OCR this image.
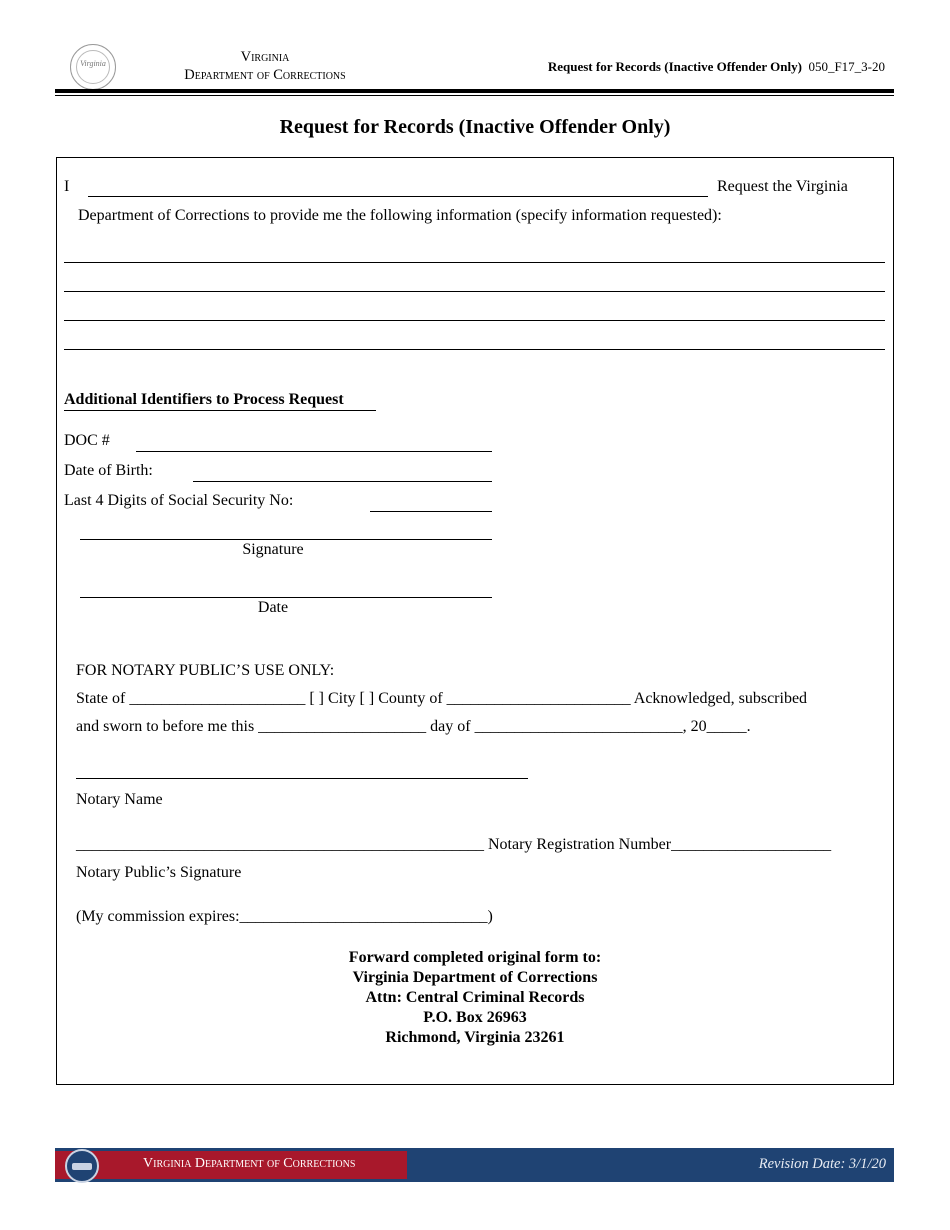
Virginia	Virginia
Department of Corrections
Request for Records (Inactive Offender Only) 050_F17_3-20
Request for Records (Inactive Offender Only)
I	Request the Virginia
Department of Corrections to provide me the following information (specify information requested):
Additional Identifiers to Process Request
DOC #
Date of Birth:
Last 4 Digits of Social Security No:
Signature
Date
FOR NOTARY PUBLIC’S USE ONLY:
State of ______________________ [ ] City [ ] County of _______________________ Acknowledged, subscribed
and sworn to before me this _____________________ day of __________________________, 20_____.
Notary Name
___________________________________________________ Notary Registration Number____________________
Notary Public’s Signature
(My commission expires:_______________________________)
Forward completed original form to:
Virginia Department of Corrections
Attn: Central Criminal Records
P.O. Box 26963
Richmond, Virginia 23261
Virginia Department of Corrections	Revision Date: 3/1/20
